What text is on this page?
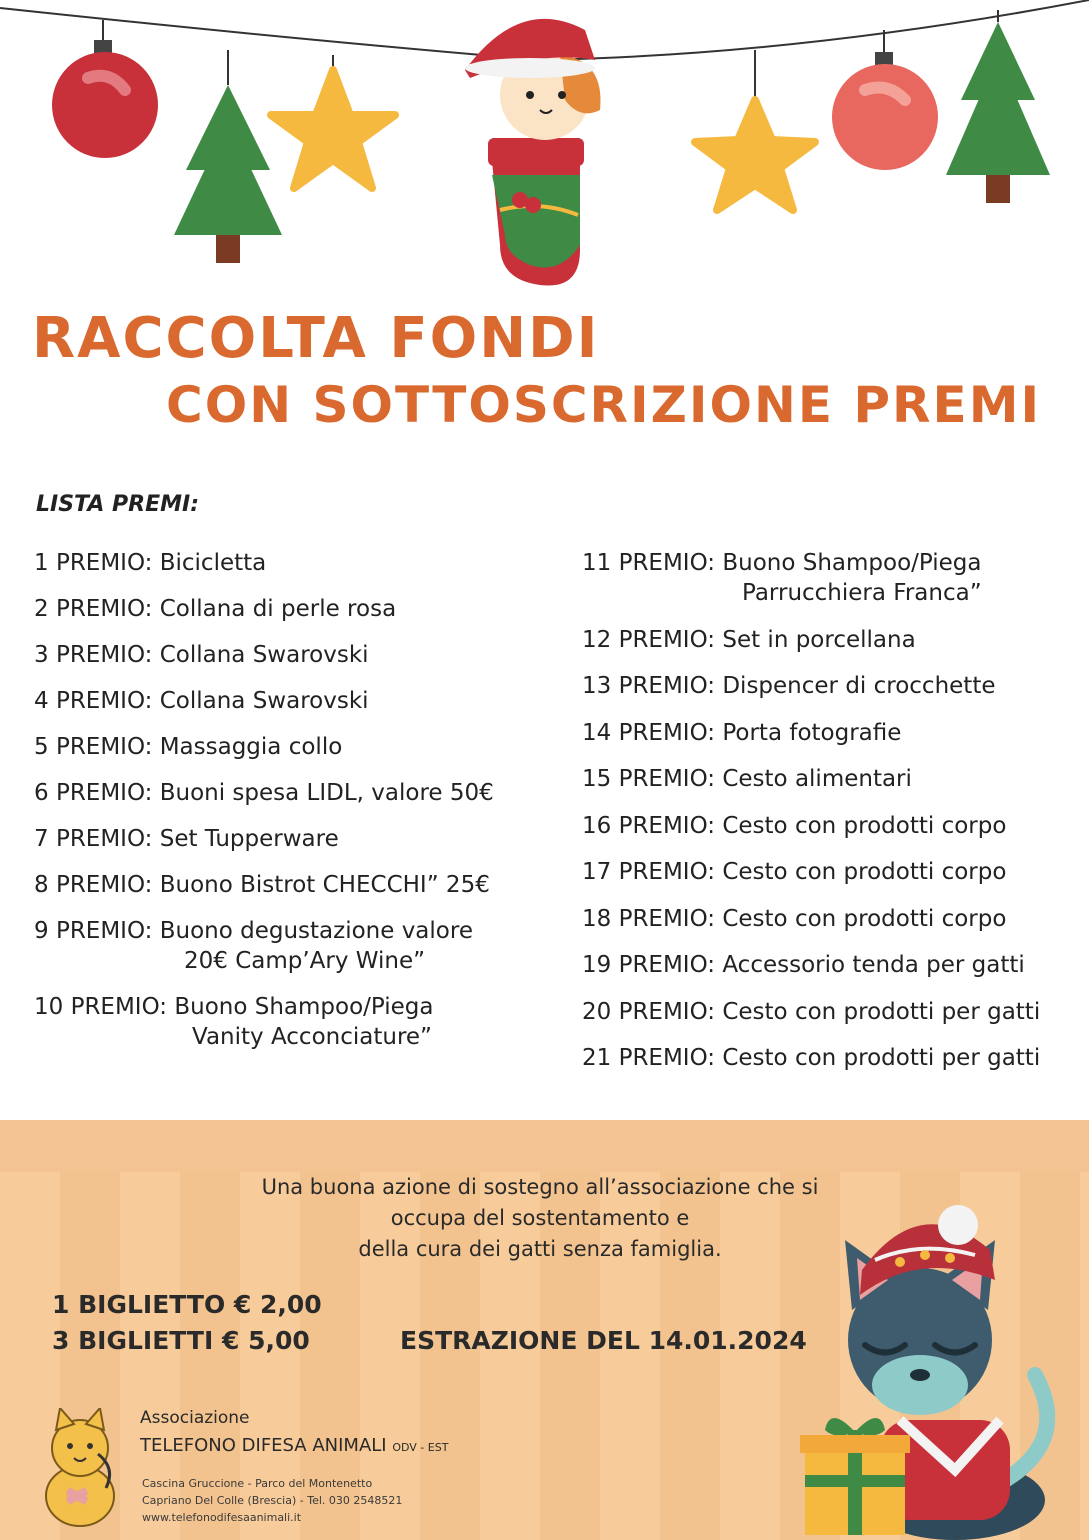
RACCOLTA FONDI
CON SOTTOSCRIZIONE PREMI
LISTA PREMI:
1 PREMIO: Bicicletta
2 PREMIO: Collana di perle rosa
3 PREMIO: Collana Swarovski
4 PREMIO: Collana Swarovski
5 PREMIO: Massaggia collo
6 PREMIO: Buoni spesa LIDL, valore 50€
7 PREMIO: Set Tupperware
8 PREMIO: Buono Bistrot CHECCHI” 25€
9 PREMIO: Buono degustazione valore
20€ Camp’Ary Wine”
10 PREMIO: Buono Shampoo/Piega
Vanity Acconciature”
11 PREMIO: Buono Shampoo/Piega
Parrucchiera Franca”
12 PREMIO: Set in porcellana
13 PREMIO: Dispencer di crocchette
14 PREMIO: Porta fotografie
15 PREMIO: Cesto alimentari
16 PREMIO: Cesto con prodotti corpo
17 PREMIO: Cesto con prodotti corpo
18 PREMIO: Cesto con prodotti corpo
19 PREMIO: Accessorio tenda per gatti
20 PREMIO: Cesto con prodotti per gatti
21 PREMIO: Cesto con prodotti per gatti
Una buona azione di sostegno all’associazione che si
occupa del sostentamento e
della cura dei gatti senza famiglia.
1 BIGLIETTO € 2,00
3 BIGLIETTI € 5,00	ESTRAZIONE DEL 14.01.2024
Associazione
TELEFONO DIFESA ANIMALI ODV - EST
Cascina Gruccione - Parco del Montenetto
Capriano Del Colle (Brescia) - Tel. 030 2548521
www.telefonodifesaanimali.it
